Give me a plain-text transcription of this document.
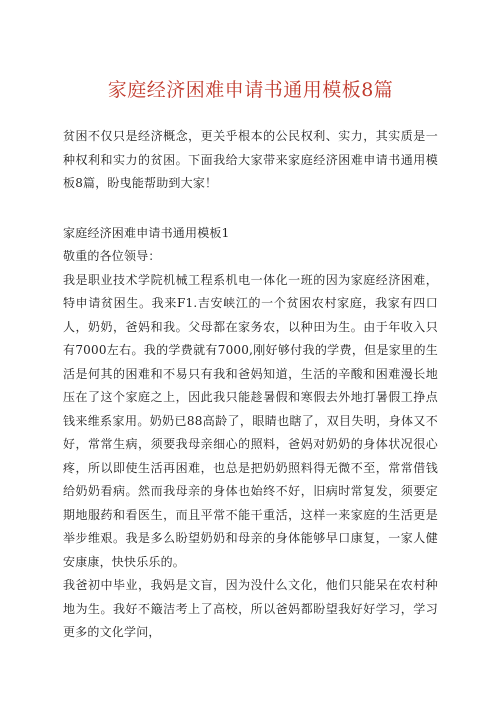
家庭经济困难申请书通用模板8篇

贫困不仅只是经济概念，更关乎根本的公民权利、实力，其实质是一种权利和实力的贫困。下面我给大家带来家庭经济困难申请书通用模板8篇，盼曳能帮助到大家！

家庭经济困难申请书通用模板1

敬重的各位领导：

我是职业技术学院机械工程系机电一体化一班的因为家庭经济困难，特申请贫困生。我来F1.吉安峡江的一个贫困农村家庭，我家有四口人，奶奶，爸妈和我。父母都在家务农，以种田为生。由于年收入只有7000左右。我的学费就有7000,刚好够付我的学费，但是家里的生活是何其的困难和不易只有我和爸妈知道，生活的辛酸和困难漫长地压在了这个家庭之上，因此我只能趁暑假和寒假去外地打暑假工挣点钱来维系家用。奶奶已88高龄了，眼睛也瞎了，双目失明，身体又不好，常常生病，须要我母亲细心的照料，爸妈对奶奶的身体状况很心疼，所以即使生活再困难，也总是把奶奶照料得无微不至，常常借钱给奶奶看病。然而我母亲的身体也始终不好，旧病时常复发，须要定期地服药和看医生，而且平常不能干重活，这样一来家庭的生活更是举步维艰。我是多么盼望奶奶和母亲的身体能够早口康复，一家人健安康康，快快乐乐的。

我爸初中毕业，我妈是文盲，因为没什么文化，他们只能呆在农村种地为生。我好不簸洁考上了高校，所以爸妈都盼望我好好学习，学习更多的文化学问，
